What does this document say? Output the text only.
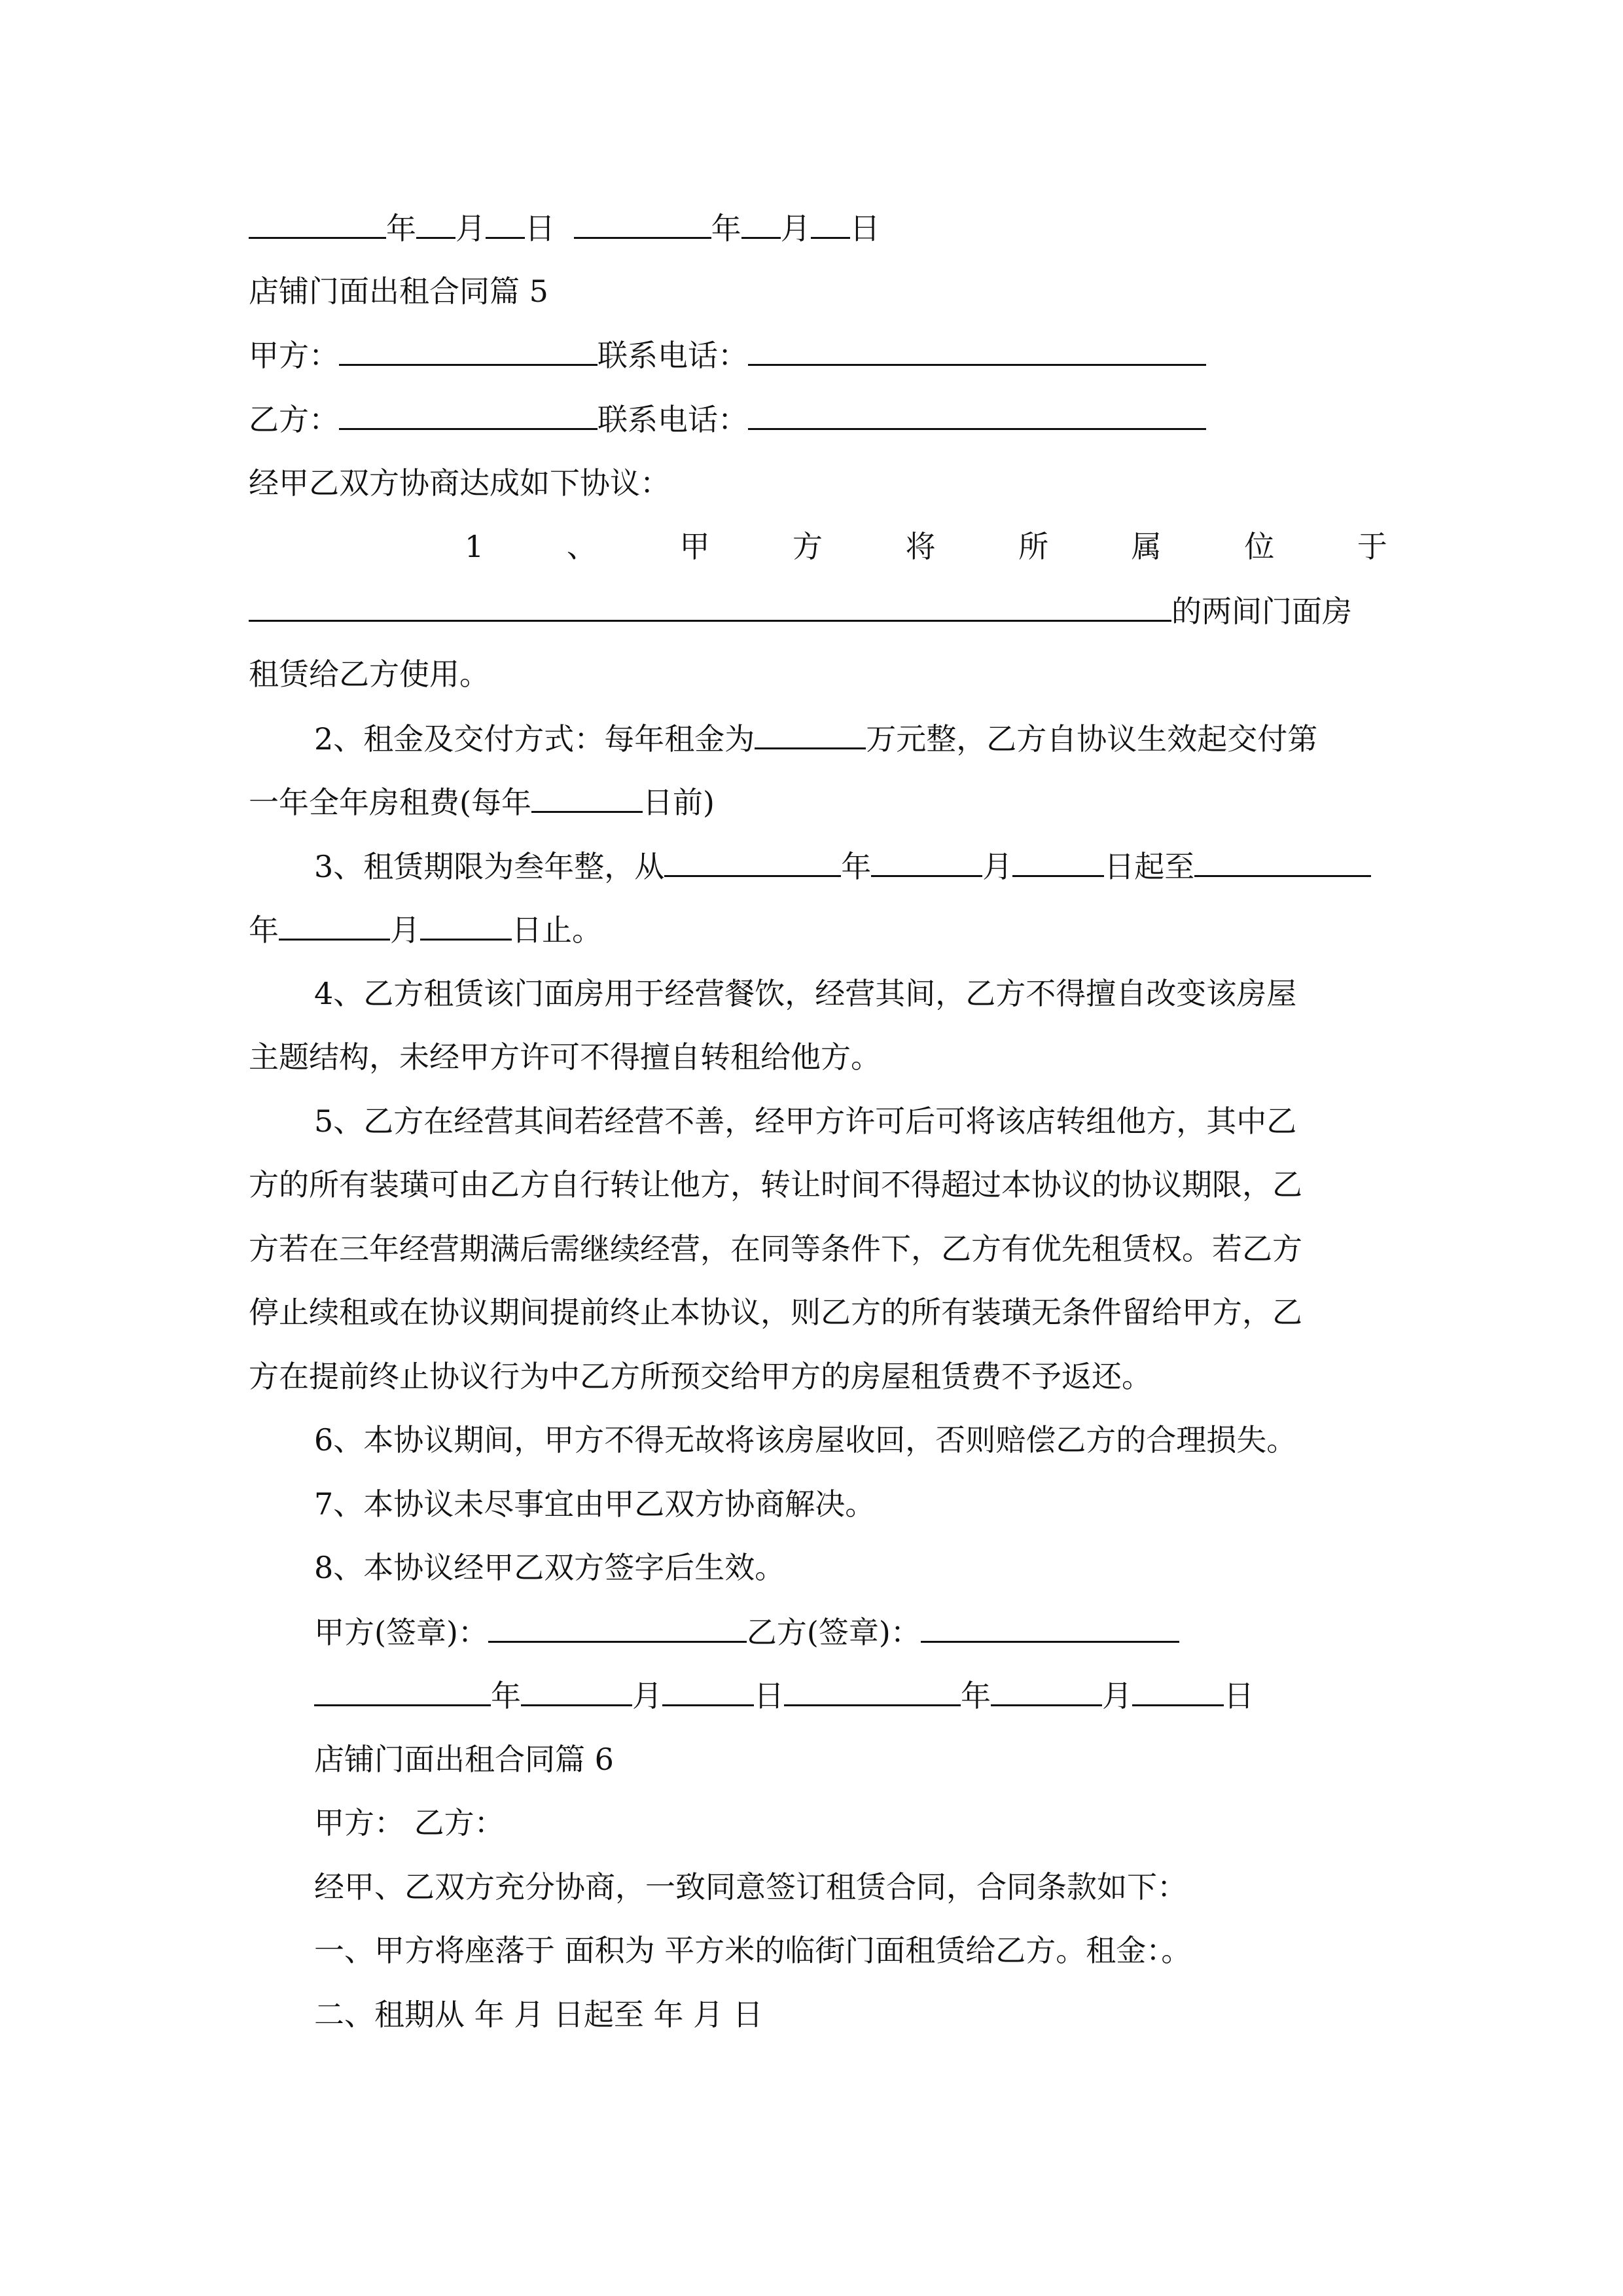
年 月 日	年 月 日
店铺门面出租合同篇 5
甲方：	联系电话：
乙方：	联系电话：
经甲乙双方协商达成如下协议：
1	、	甲	方	将	所	属	位	于
的两间门面房
租赁给乙方使用。
2、租金及交付方式：每年租金为	万元整，乙方自协议生效起交付第
一年全年房租费(每年	日前)
3、租赁期限为叁年整，从	年	月	日起至
年	月	日止。
4、乙方租赁该门面房用于经营餐饮，经营其间，乙方不得擅自改变该房屋
主题结构，未经甲方许可不得擅自转租给他方。
5、乙方在经营其间若经营不善，经甲方许可后可将该店转组他方，其中乙
方的所有装璜可由乙方自行转让他方，转让时间不得超过本协议的协议期限，乙
方若在三年经营期满后需继续经营，在同等条件下，乙方有优先租赁权。若乙方
停止续租或在协议期间提前终止本协议，则乙方的所有装璜无条件留给甲方，乙
方在提前终止协议行为中乙方所预交给甲方的房屋租赁费不予返还。
6、本协议期间，甲方不得无故将该房屋收回，否则赔偿乙方的合理损失。
7、本协议未尽事宜由甲乙双方协商解决。
8、本协议经甲乙双方签字后生效。
甲方(签章)：	乙方(签章)：
年	月	日	年	月	日
店铺门面出租合同篇 6
甲方： 乙方：
经甲、乙双方充分协商，一致同意签订租赁合同，合同条款如下：
一、甲方将座落于 面积为 平方米的临街门面租赁给乙方。租金：。
二、租期从 年 月 日起至 年 月 日
